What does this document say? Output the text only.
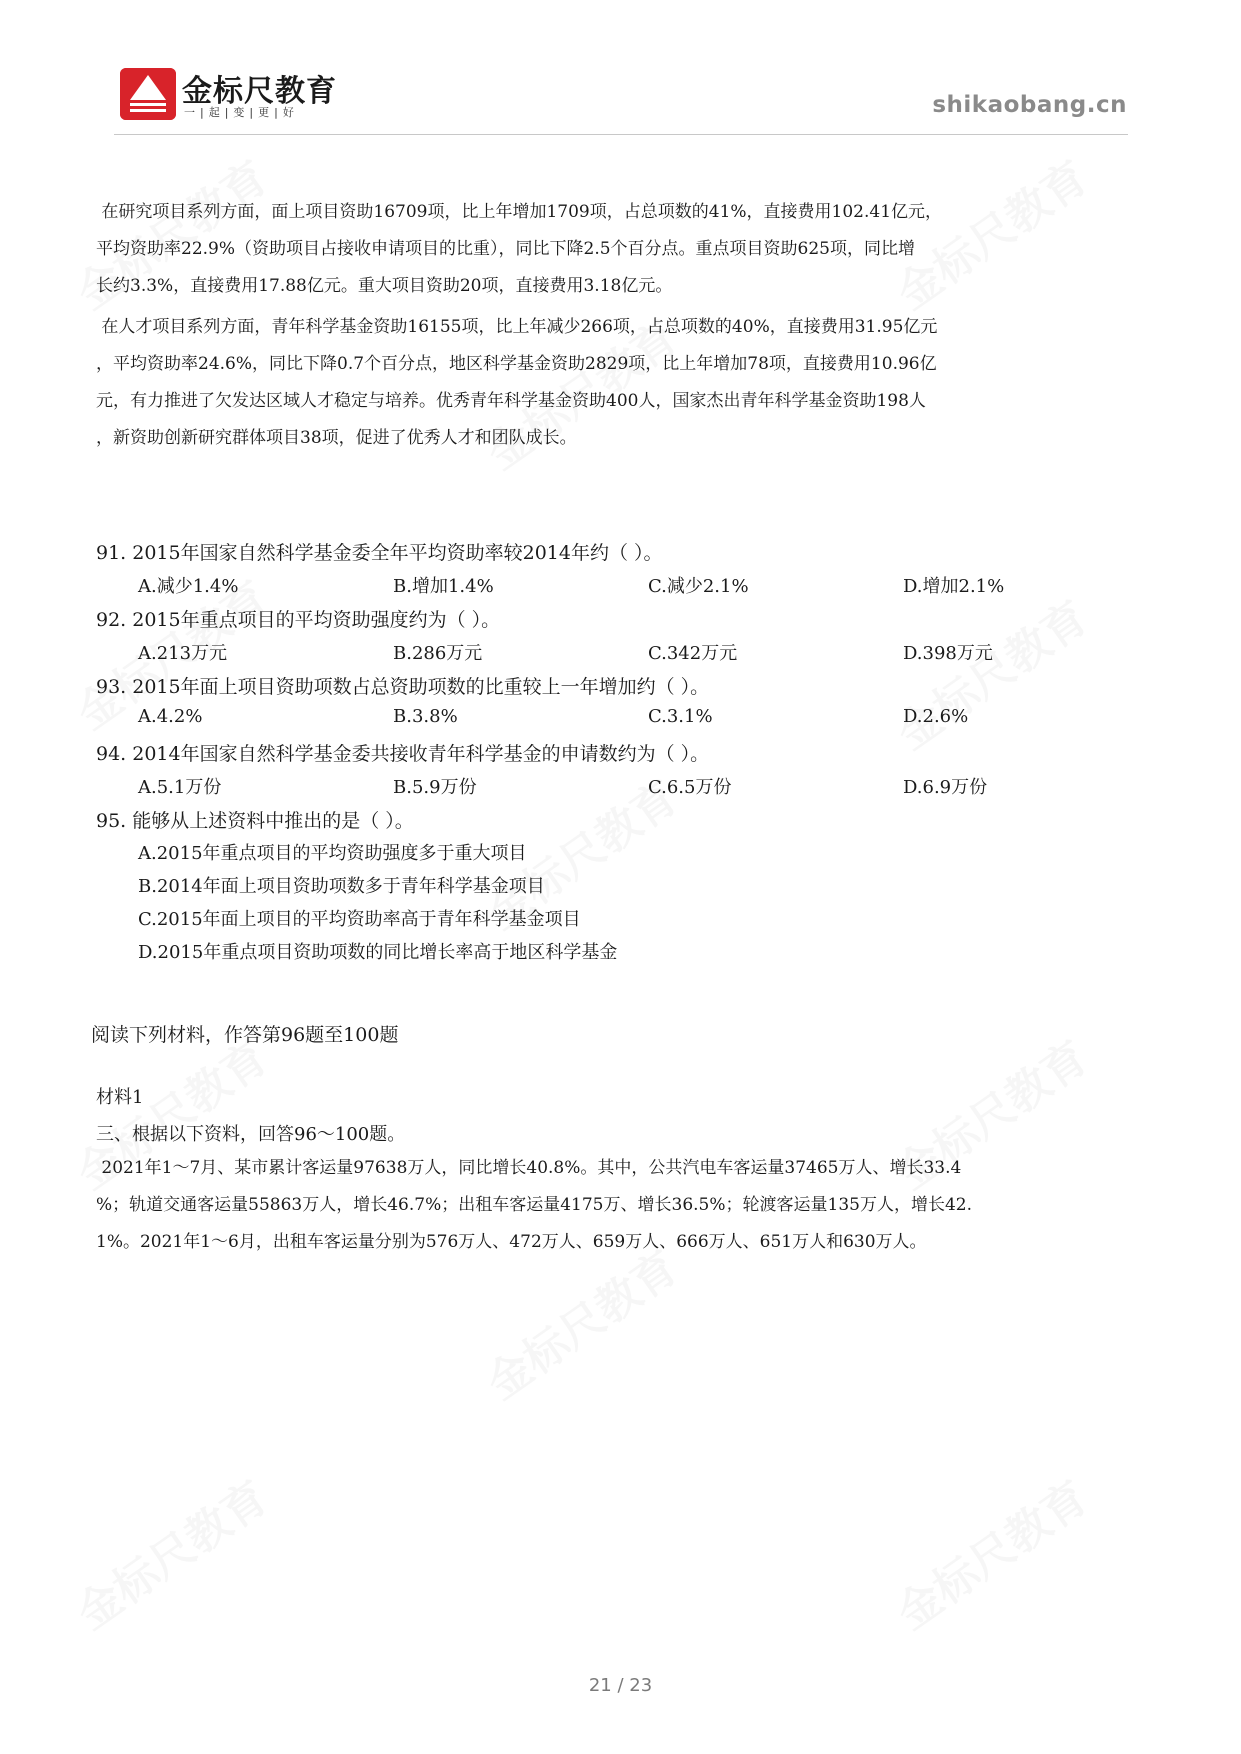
金标尺教育
一|起|变|更|好	shikaobang.cn

在研究项目系列方面，面上项目资助16709项，比上年增加1709项，占总项数的41%，直接费用102.41亿元，
平均资助率22.9%（资助项目占接收申请项目的比重），同比下降2.5个百分点。重点项目资助625项，同比增
长约3.3%，直接费用17.88亿元。重大项目资助20项，直接费用3.18亿元。

在人才项目系列方面，青年科学基金资助16155项，比上年减少266项，占总项数的40%，直接费用31.95亿元
，平均资助率24.6%，同比下降0.7个百分点，地区科学基金资助2829项，比上年增加78项，直接费用10.96亿
元，有力推进了欠发达区域人才稳定与培养。优秀青年科学基金资助400人，国家杰出青年科学基金资助198人
，新资助创新研究群体项目38项，促进了优秀人才和团队成长。

91. 2015年国家自然科学基金委全年平均资助率较2014年约（ ）。
A.减少1.4%	B.增加1.4%	C.减少2.1%	D.增加2.1%
92. 2015年重点项目的平均资助强度约为（ ）。
A.213万元	B.286万元	C.342万元	D.398万元
93. 2015年面上项目资助项数占总资助项数的比重较上一年增加约（ ）。
A.4.2%	B.3.8%	C.3.1%	D.2.6%
94. 2014年国家自然科学基金委共接收青年科学基金的申请数约为（ ）。
A.5.1万份	B.5.9万份	C.6.5万份	D.6.9万份
95. 能够从上述资料中推出的是（ ）。
A.2015年重点项目的平均资助强度多于重大项目
B.2014年面上项目资助项数多于青年科学基金项目
C.2015年面上项目的平均资助率高于青年科学基金项目
D.2015年重点项目资助项数的同比增长率高于地区科学基金
阅读下列材料，作答第96题至100题
材料1
三、根据以下资料，回答96～100题。

2021年1～7月、某市累计客运量97638万人，同比增长40.8%。其中，公共汽电车客运量37465万人、增长33.4
%；轨道交通客运量55863万人，增长46.7%；出租车客运量4175万、增长36.5%；轮渡客运量135万人，增长42.
1%。2021年1～6月，出租车客运量分别为576万人、472万人、659万人、666万人、651万人和630万人。

21 / 23
